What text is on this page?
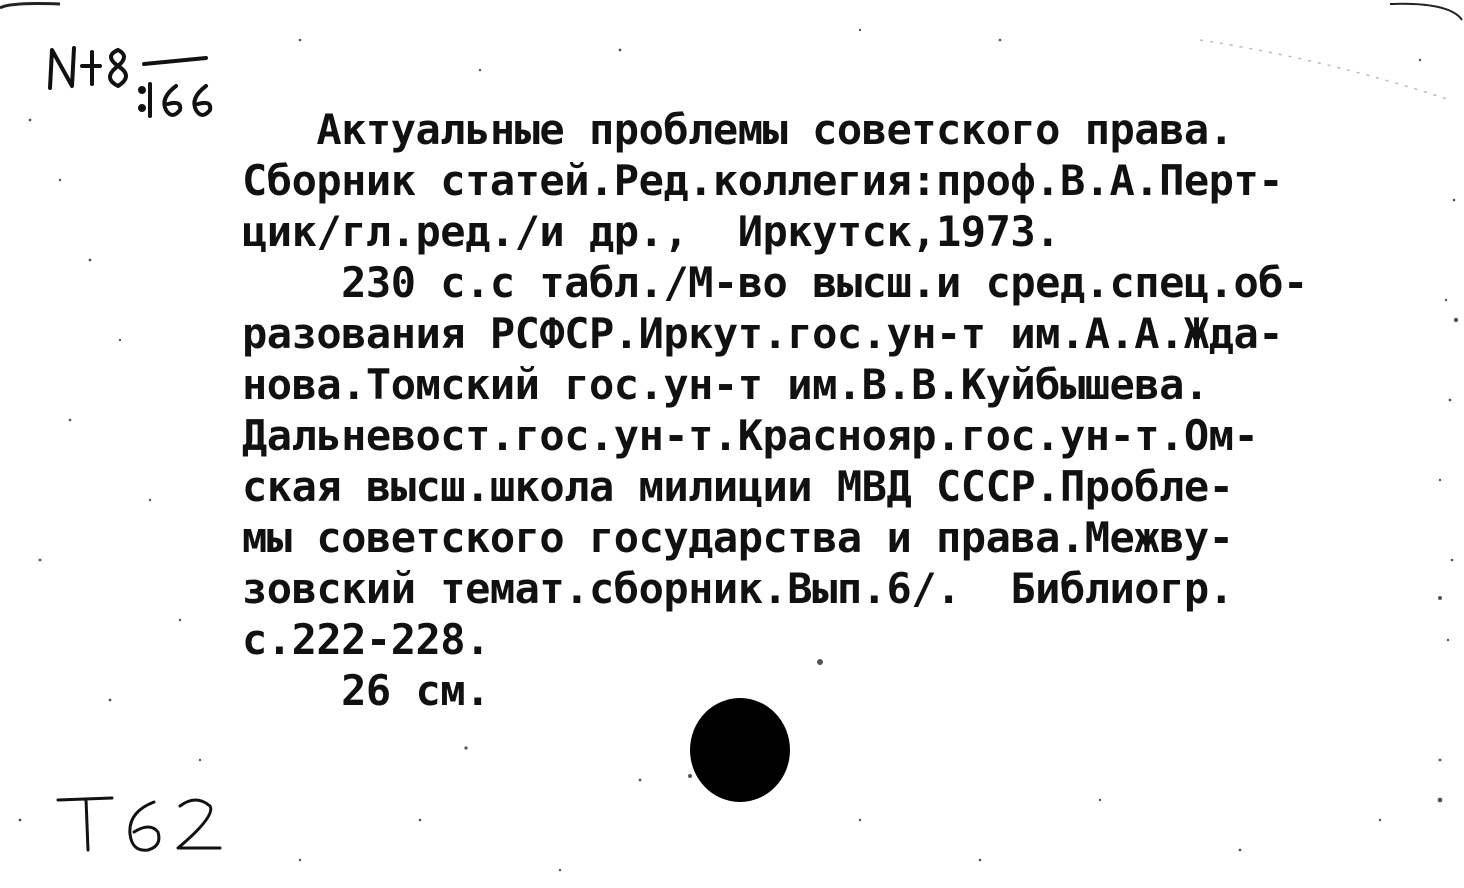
Актуальные проблемы советского права.
Сборник статей.Ред.коллегия:проф.В.А.Перт-
цик/гл.ред./и др.,  Иркутск,1973.
230 с.с табл./М-во высш.и сред.спец.об-
разования РСФСР.Иркут.гос.ун-т им.А.А.Жда-
нова.Томский гос.ун-т им.В.В.Куйбышева.
Дальневост.гос.ун-т.Краснояр.гос.ун-т.Ом-
ская высш.школа милиции МВД СССР.Пробле-
мы советского государства и права.Межву-
зовский темат.сборник.Вып.6/.  Библиогр.
с.222-228.
26 см.
